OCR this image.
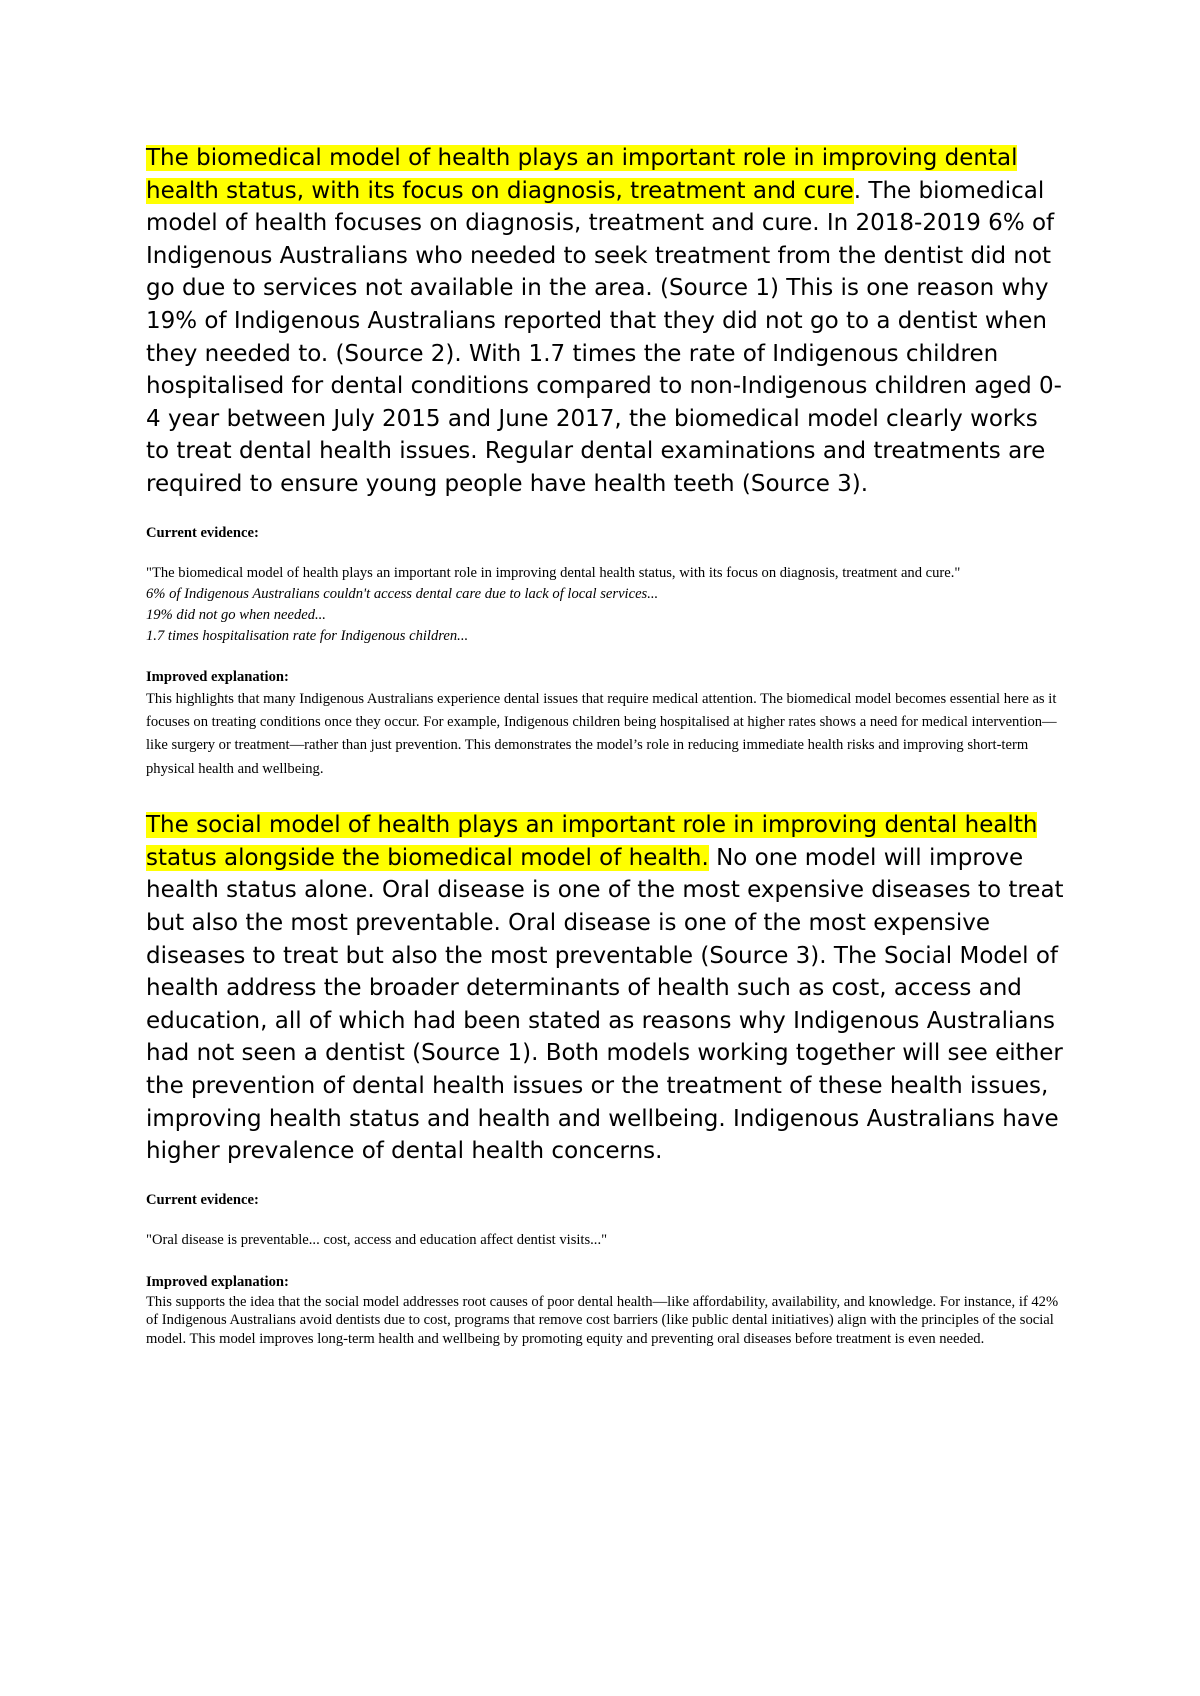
The biomedical model of health plays an important role in improving dental health status, with its focus on diagnosis, treatment and cure. The biomedical model of health focuses on diagnosis, treatment and cure. In 2018-2019 6% of Indigenous Australians who needed to seek treatment from the dentist did not go due to services not available in the area. (Source 1) This is one reason why 19% of Indigenous Australians reported that they did not go to a dentist when they needed to. (Source 2). With 1.7 times the rate of Indigenous children hospitalised for dental conditions compared to non-Indigenous children aged 0-4 year between July 2015 and June 2017, the biomedical model clearly works to treat dental health issues. Regular dental examinations and treatments are required to ensure young people have health teeth (Source 3).

Current evidence:

"The biomedical model of health plays an important role in improving dental health status, with its focus on diagnosis, treatment and cure."

6% of Indigenous Australians couldn't access dental care due to lack of local services...

19% did not go when needed...

1.7 times hospitalisation rate for Indigenous children...

Improved explanation:

This highlights that many Indigenous Australians experience dental issues that require medical attention. The biomedical model becomes essential here as it focuses on treating conditions once they occur. For example, Indigenous children being hospitalised at higher rates shows a need for medical intervention—like surgery or treatment—rather than just prevention. This demonstrates the model’s role in reducing immediate health risks and improving short-term physical health and wellbeing.

The social model of health plays an important role in improving dental health status alongside the biomedical model of health. No one model will improve health status alone. Oral disease is one of the most expensive diseases to treat but also the most preventable. Oral disease is one of the most expensive diseases to treat but also the most preventable (Source 3). The Social Model of health address the broader determinants of health such as cost, access and education, all of which had been stated as reasons why Indigenous Australians had not seen a dentist (Source 1). Both models working together will see either the prevention of dental health issues or the treatment of these health issues, improving health status and health and wellbeing. Indigenous Australians have higher prevalence of dental health concerns.

Current evidence:

"Oral disease is preventable... cost, access and education affect dentist visits..."

Improved explanation:

This supports the idea that the social model addresses root causes of poor dental health—like affordability, availability, and knowledge. For instance, if 42% of Indigenous Australians avoid dentists due to cost, programs that remove cost barriers (like public dental initiatives) align with the principles of the social model. This model improves long-term health and wellbeing by promoting equity and preventing oral diseases before treatment is even needed.
